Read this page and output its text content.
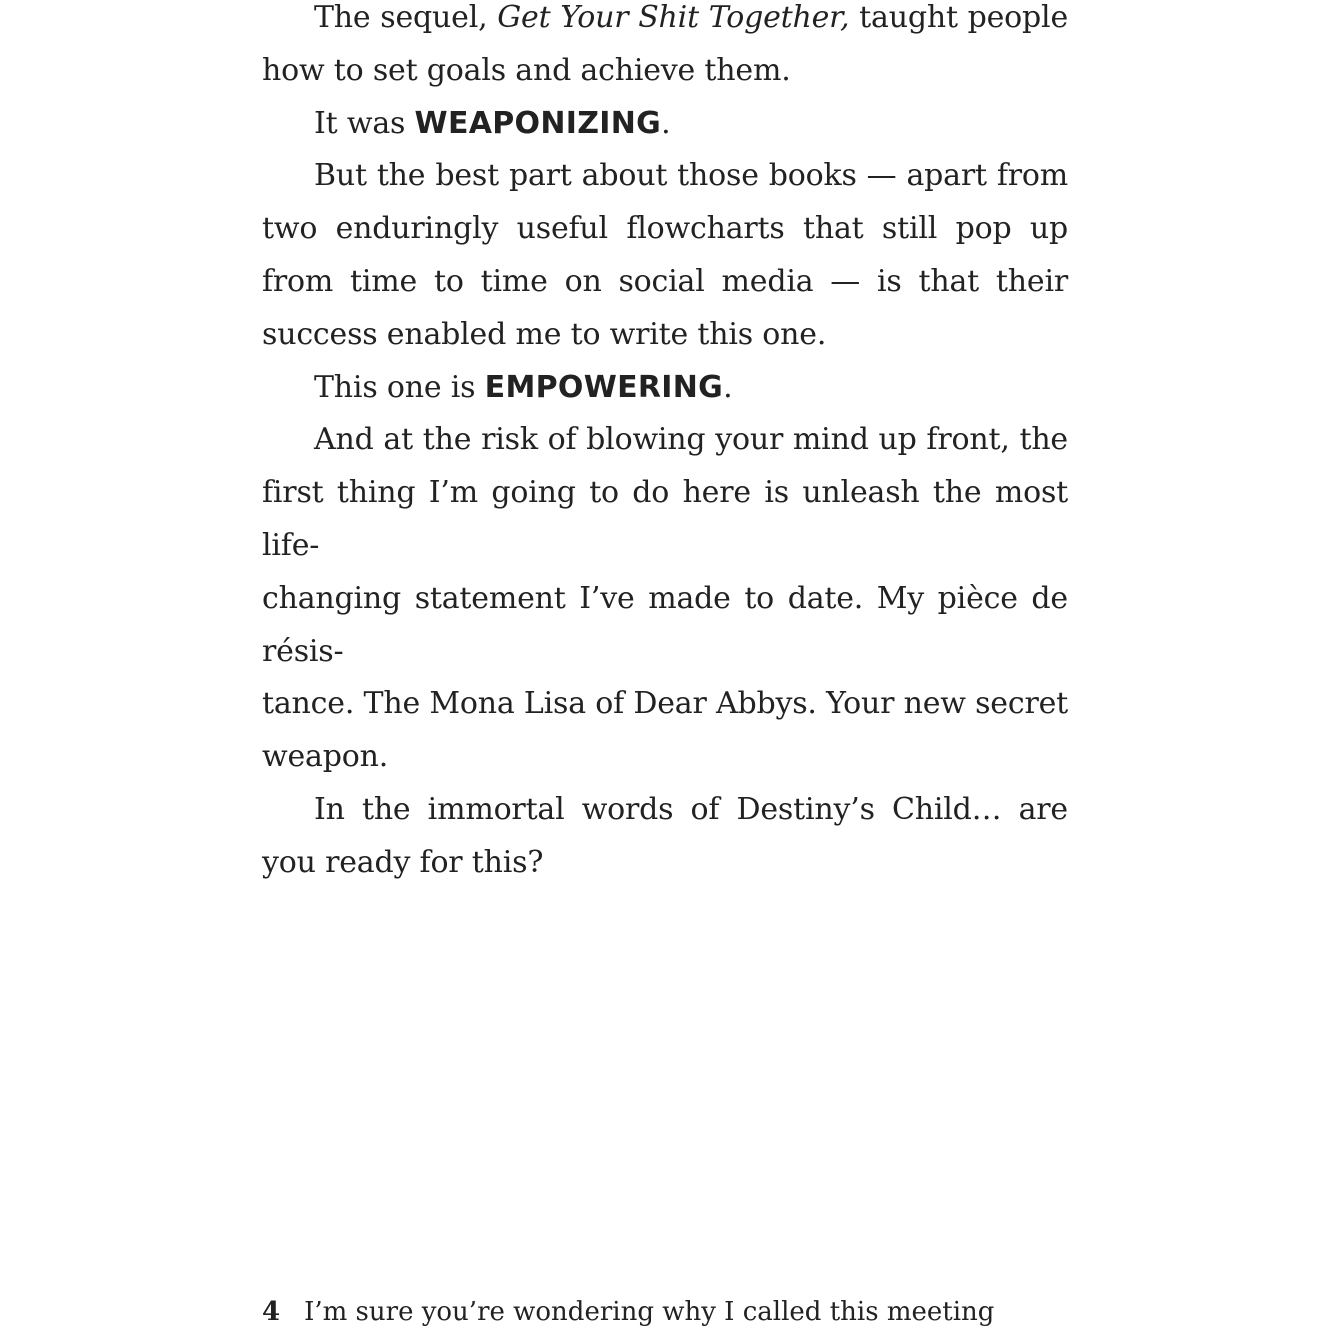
The sequel, Get Your Shit Together, taught people how to set goals and achieve them.

It was WEAPONIZING.

But the best part about those books — apart from two enduringly useful flowcharts that still pop up from time to time on social media — is that their success enabled me to write this one.

This one is EMPOWERING.

And at the risk of blowing your mind up front, the first thing I’m going to do here is unleash the most life-
changing statement I’ve made to date. My pièce de résis-
tance. The Mona Lisa of Dear Abbys. Your new secret weapon.

In the immortal words of Destiny’s Child… are you ready for this?

4 I’m sure you’re wondering why I called this meeting
